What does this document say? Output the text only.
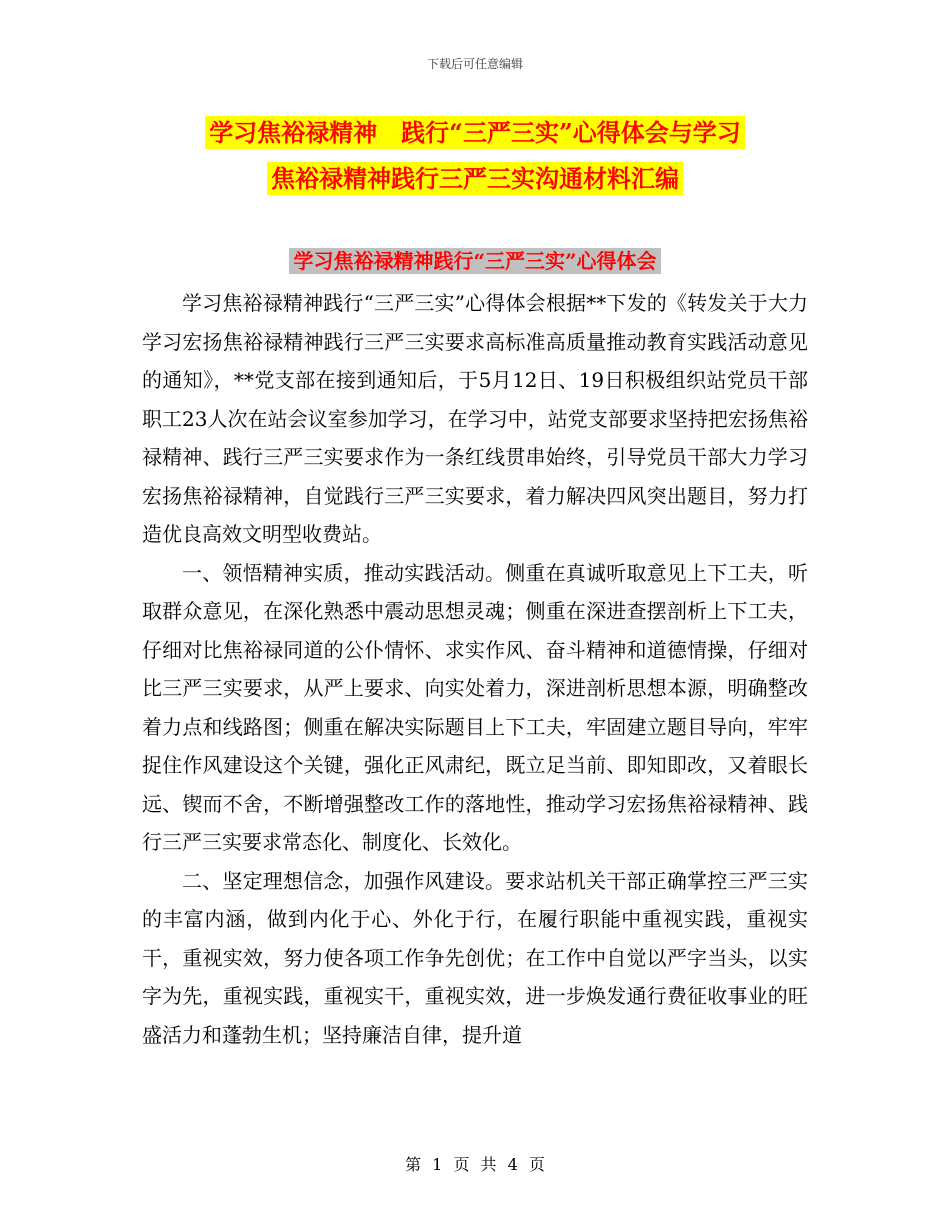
下载后可任意编辑
学习焦裕禄精神　践行“三严三实”心得体会与学习
焦裕禄精神践行三严三实沟通材料汇编
学习焦裕禄精神践行“三严三实”心得体会

学习焦裕禄精神践行“三严三实”心得体会根据**下发的《转发关于大力学习宏扬焦裕禄精神践行三严三实要求高标准高质量推动教育实践活动意见的通知》，**党支部在接到通知后，于5月12日、19日积极组织站党员干部职工23人次在站会议室参加学习，在学习中，站党支部要求坚持把宏扬焦裕禄精神、践行三严三实要求作为一条红线贯串始终，引导党员干部大力学习宏扬焦裕禄精神，自觉践行三严三实要求，着力解决四风突出题目，努力打造优良高效文明型收费站。

一、领悟精神实质，推动实践活动。侧重在真诚听取意见上下工夫，听取群众意见，在深化熟悉中震动思想灵魂；侧重在深进查摆剖析上下工夫，仔细对比焦裕禄同道的公仆情怀、求实作风、奋斗精神和道德情操，仔细对比三严三实要求，从严上要求、向实处着力，深进剖析思想本源，明确整改着力点和线路图；侧重在解决实际题目上下工夫，牢固建立题目导向，牢牢捉住作风建设这个关键，强化正风肃纪，既立足当前、即知即改，又着眼长远、锲而不舍，不断增强整改工作的落地性，推动学习宏扬焦裕禄精神、践行三严三实要求常态化、制度化、长效化。

二、坚定理想信念，加强作风建设。要求站机关干部正确掌控三严三实的丰富内涵，做到内化于心、外化于行，在履行职能中重视实践，重视实干，重视实效，努力使各项工作争先创优；在工作中自觉以严字当头，以实字为先，重视实践，重视实干，重视实效，进一步焕发通行费征收事业的旺盛活力和蓬勃生机；坚持廉洁自律，提升道

第 1 页 共 4 页
